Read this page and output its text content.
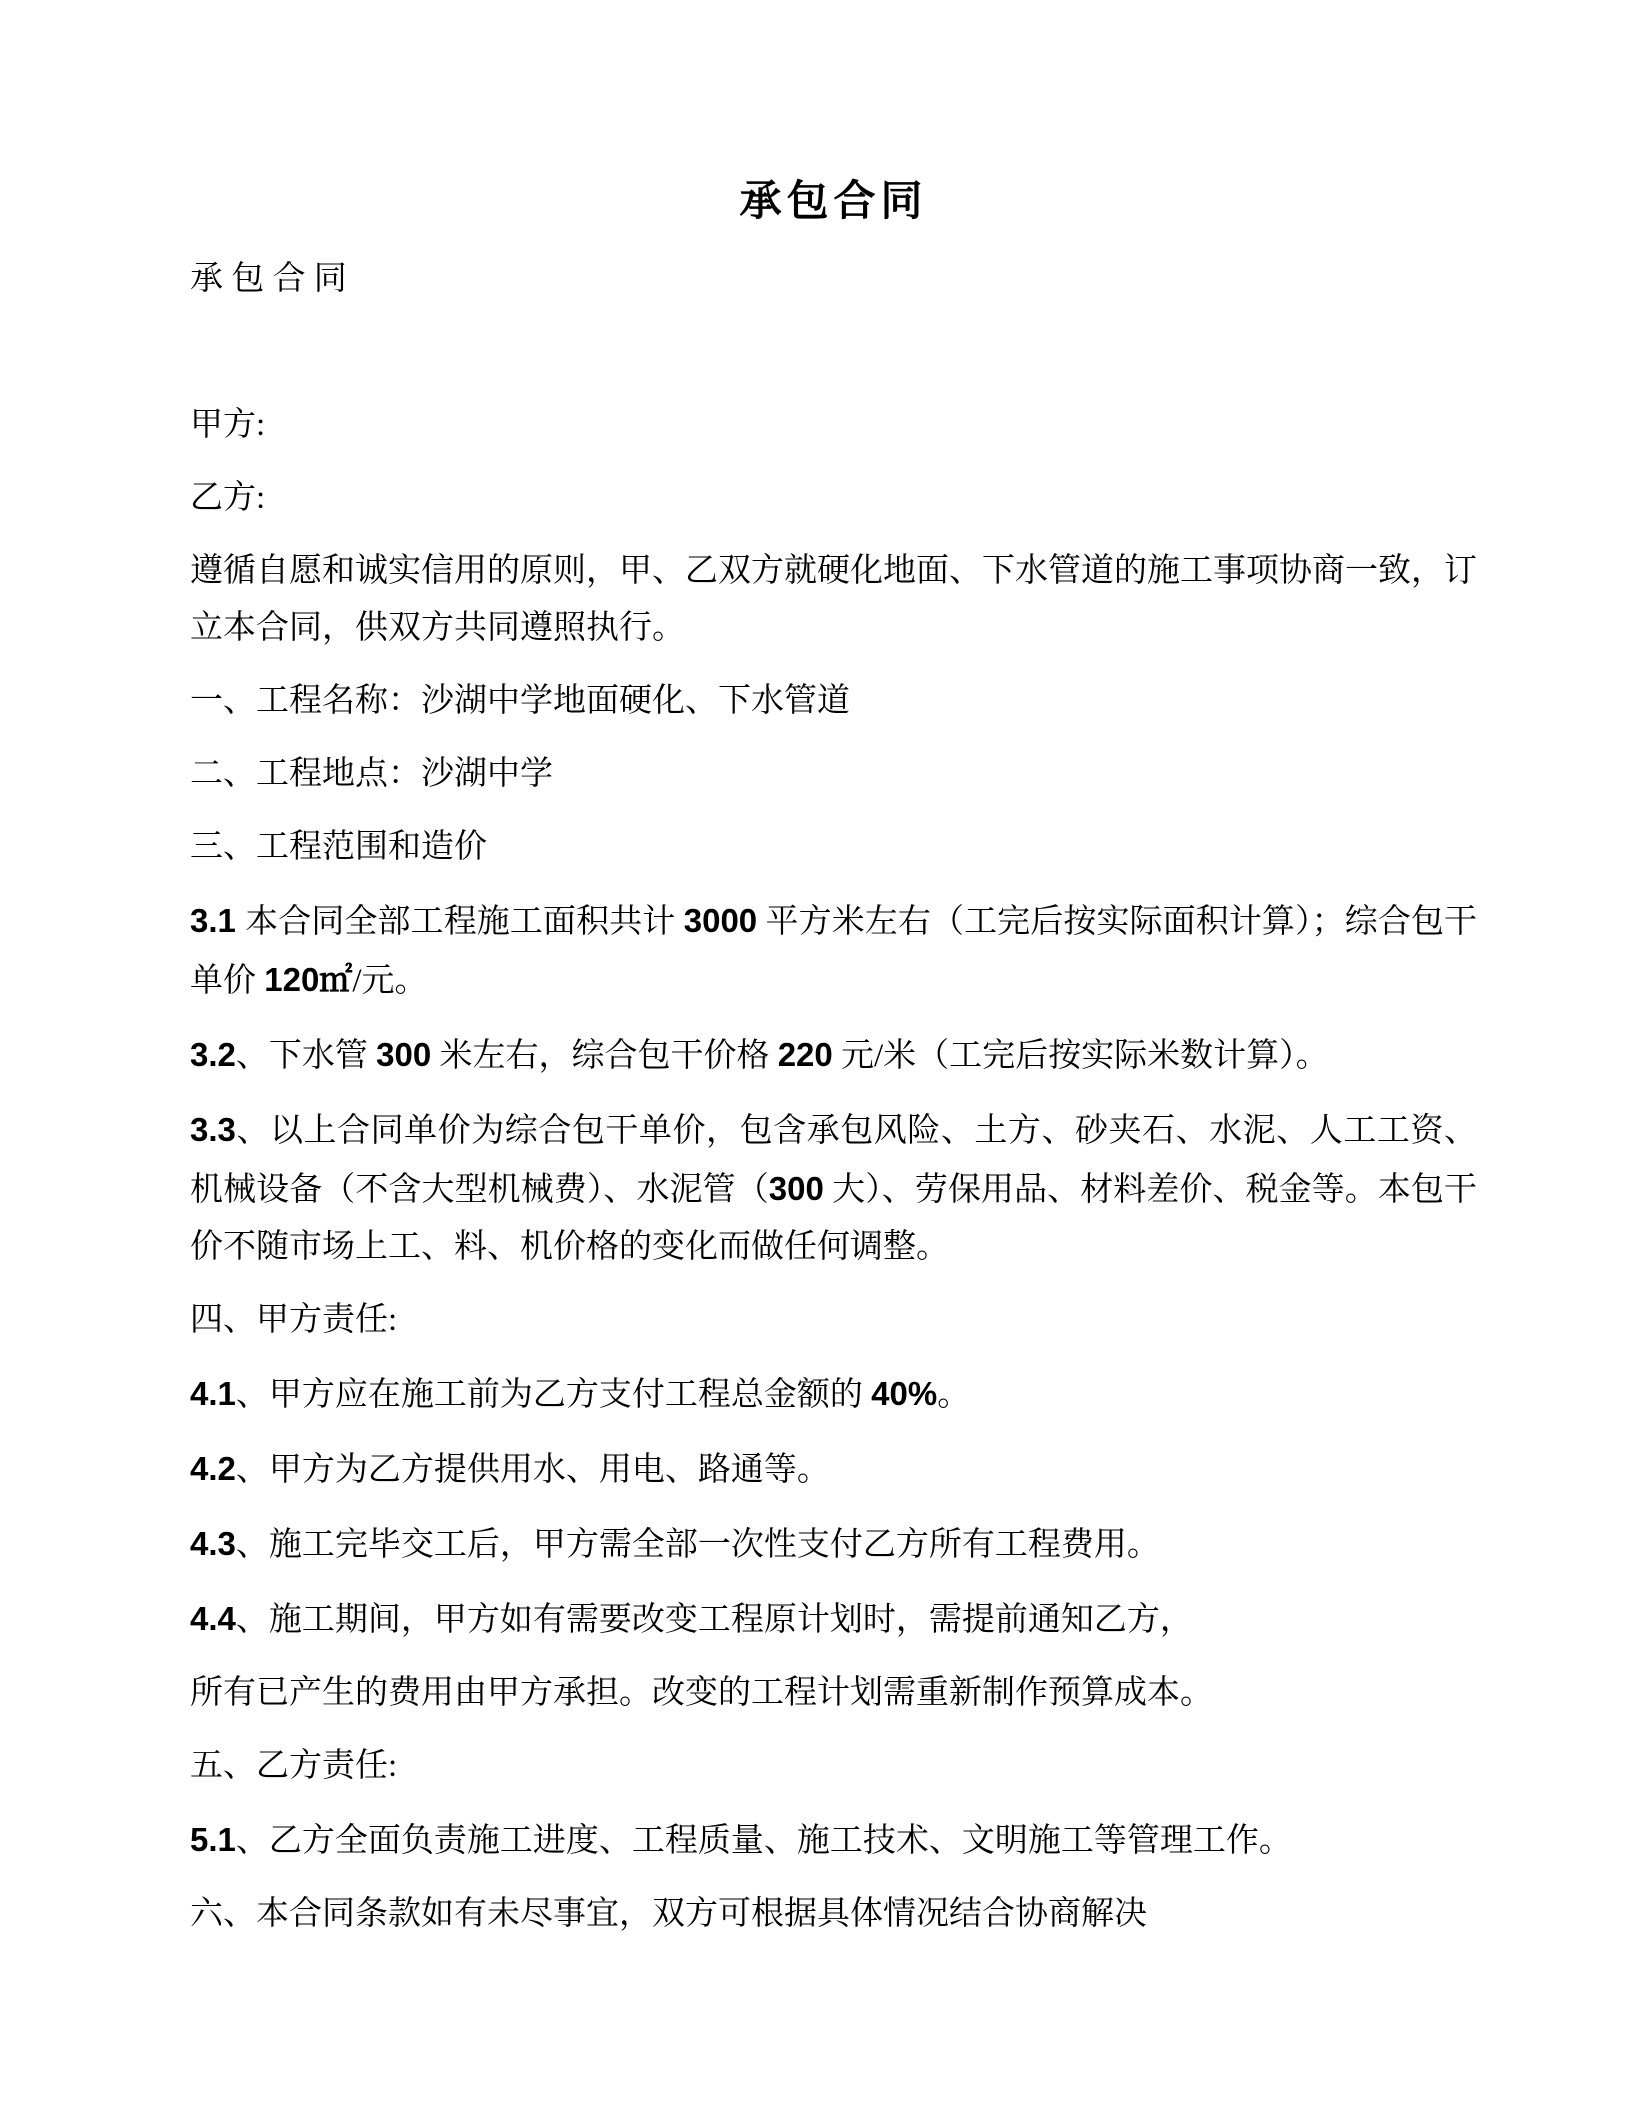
承包合同

承 包 合 同

甲方:

乙方:

遵循自愿和诚实信用的原则，甲、乙双方就硬化地面、下水管道的施工事项协商一致，订立本合同，供双方共同遵照执行。

一、工程名称：沙湖中学地面硬化、下水管道

二、工程地点：沙湖中学

三、工程范围和造价

3.1 本合同全部工程施工面积共计 3000 平方米左右（工完后按实际面积计算）；综合包干单价 120㎡/元。

3.2、下水管 300 米左右，综合包干价格 220 元/米（工完后按实际米数计算）。

3.3、以上合同单价为综合包干单价，包含承包风险、土方、砂夹石、水泥、人工工资、机械设备（不含大型机械费）、水泥管（300 大）、劳保用品、材料差价、税金等。本包干价不随市场上工、料、机价格的变化而做任何调整。

四、甲方责任:

4.1、甲方应在施工前为乙方支付工程总金额的 40%。

4.2、甲方为乙方提供用水、用电、路通等。

4.3、施工完毕交工后，甲方需全部一次性支付乙方所有工程费用。

4.4、施工期间，甲方如有需要改变工程原计划时，需提前通知乙方，

所有已产生的费用由甲方承担。改变的工程计划需重新制作预算成本。

五、乙方责任:

5.1、乙方全面负责施工进度、工程质量、施工技术、文明施工等管理工作。

六、本合同条款如有未尽事宜，双方可根据具体情况结合协商解决
